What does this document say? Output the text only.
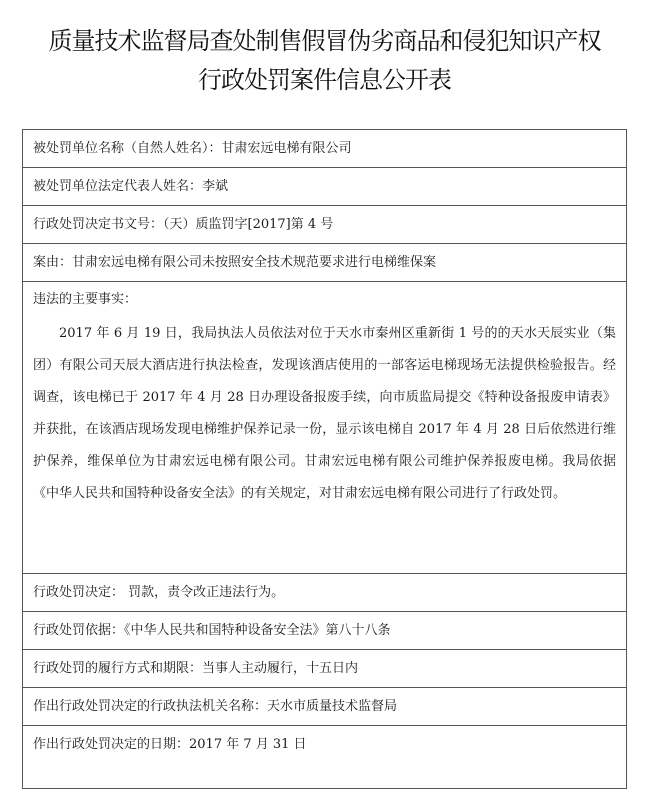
质量技术监督局查处制售假冒伪劣商品和侵犯知识产权
行政处罚案件信息公开表
被处罚单位名称（自然人姓名）：甘肃宏远电梯有限公司
被处罚单位法定代表人姓名：李斌
行政处罚决定书文号：（天）质监罚字[2017]第 4 号
案由：甘肃宏远电梯有限公司未按照安全技术规范要求进行电梯维保案
违法的主要事实：
2017 年 6 月 19 日，我局执法人员依法对位于天水市秦州区重新街 1 号的的天水天辰实业（集团）有限公司天辰大酒店进行执法检查，发现该酒店使用的一部客运电梯现场无法提供检验报告。经调查，该电梯已于 2017 年 4 月 28 日办理设备报废手续，向市质监局提交《特种设备报废申请表》并获批，在该酒店现场发现电梯维护保养记录一份，显示该电梯自 2017 年 4 月 28 日后依然进行维护保养，维保单位为甘肃宏远电梯有限公司。甘肃宏远电梯有限公司维护保养报废电梯。我局依据《中华人民共和国特种设备安全法》的有关规定，对甘肃宏远电梯有限公司进行了行政处罚。
行政处罚决定： 罚款，责令改正违法行为。
行政处罚依据：《中华人民共和国特种设备安全法》第八十八条
行政处罚的履行方式和期限：当事人主动履行，十五日内
作出行政处罚决定的行政执法机关名称：天水市质量技术监督局
作出行政处罚决定的日期：2017 年 7 月 31 日
